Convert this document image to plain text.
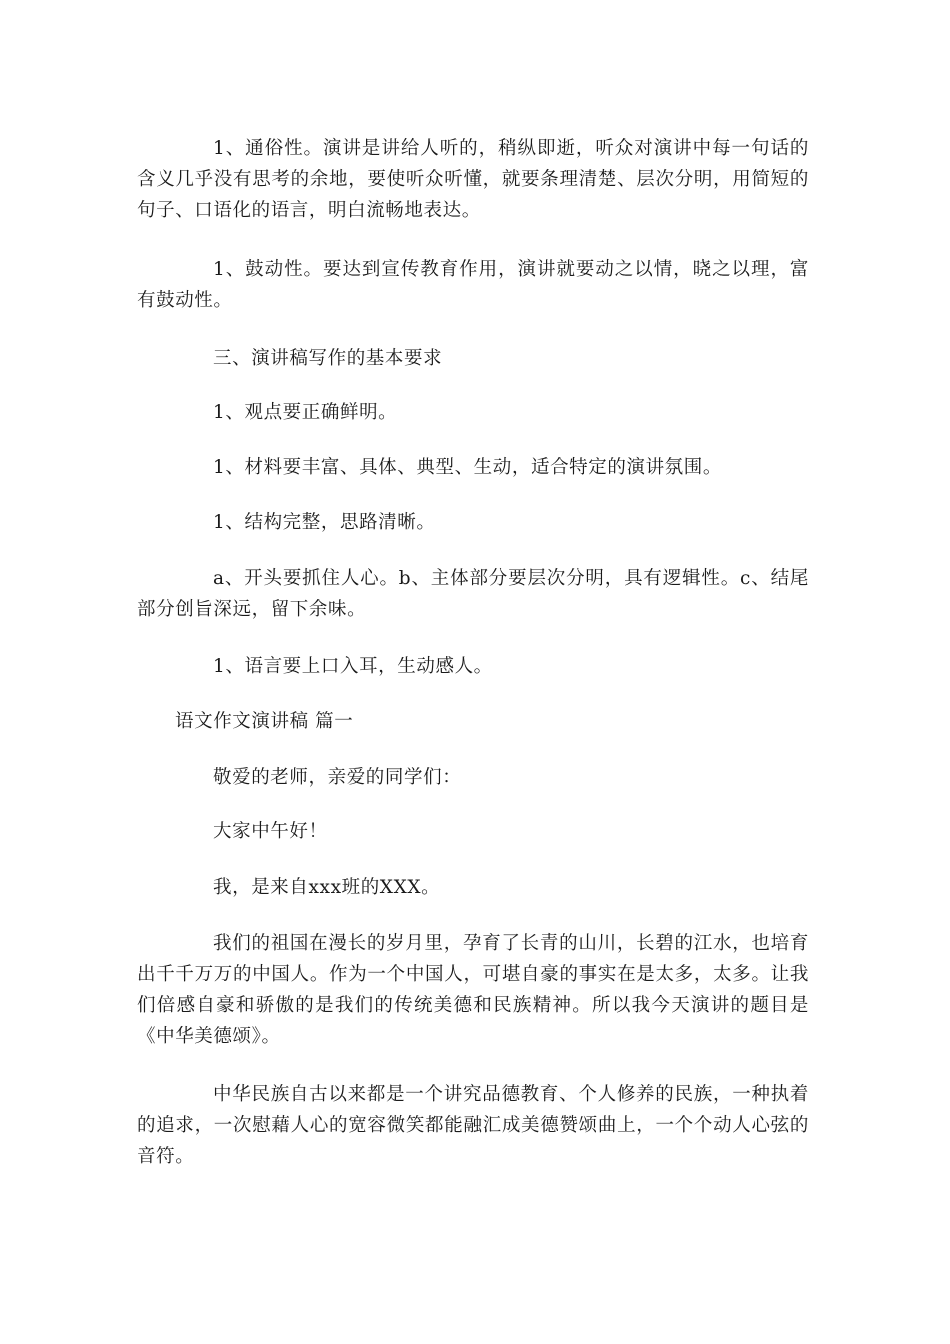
1、通俗性。演讲是讲给人听的，稍纵即逝，听众对演讲中每一句话的含义几乎没有思考的余地，要使听众听懂，就要条理清楚、层次分明，用简短的句子、口语化的语言，明白流畅地表达。

1、鼓动性。要达到宣传教育作用，演讲就要动之以情，晓之以理，富有鼓动性。

三、演讲稿写作的基本要求

1、观点要正确鲜明。

1、材料要丰富、具体、典型、生动，适合特定的演讲氛围。

1、结构完整，思路清晰。

a、开头要抓住人心。b、主体部分要层次分明，具有逻辑性。c、结尾部分创旨深远，留下余味。

1、语言要上口入耳，生动感人。

语文作文演讲稿 篇一

敬爱的老师，亲爱的同学们：

大家中午好！

我，是来自xxx班的XXX。

我们的祖国在漫长的岁月里，孕育了长青的山川，长碧的江水，也培育出千千万万的中国人。作为一个中国人，可堪自豪的事实在是太多，太多。让我们倍感自豪和骄傲的是我们的传统美德和民族精神。所以我今天演讲的题目是《中华美德颂》。

中华民族自古以来都是一个讲究品德教育、个人修养的民族，一种执着的追求，一次慰藉人心的宽容微笑都能融汇成美德赞颂曲上，一个个动人心弦的音符。
